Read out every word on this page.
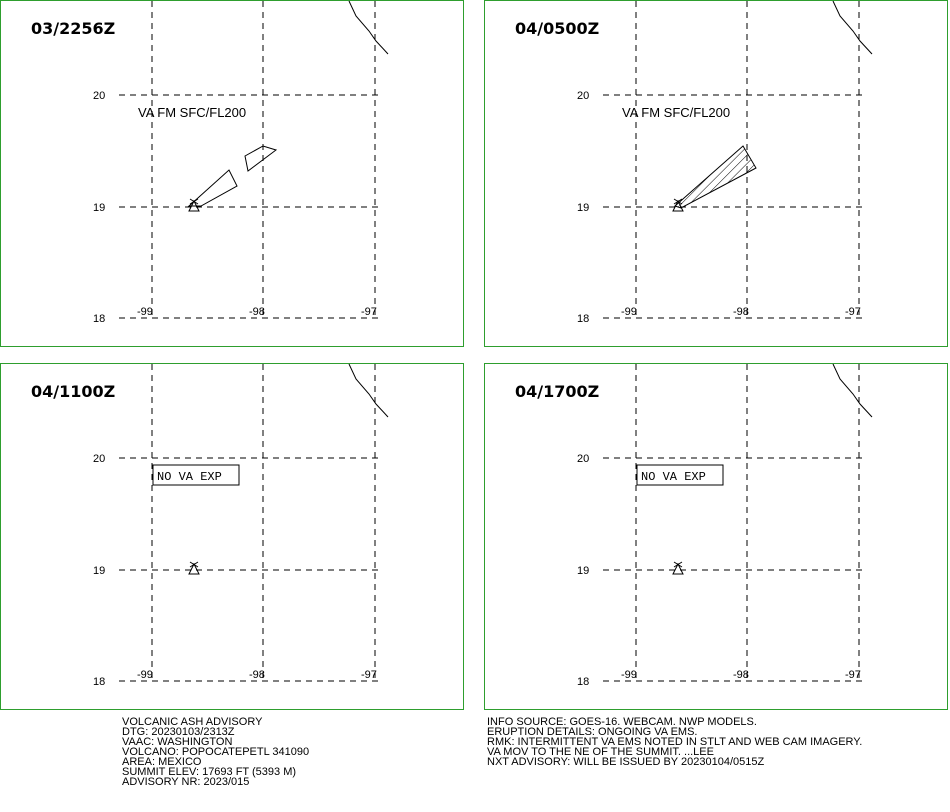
20
19
18
-99	-98	-97
VA FM SFC/FL200
03/2256Z
20
19
18
-99	-98	-97
VA FM SFC/FL200
04/0500Z
20
19
18
-99	-98	-97
NO VA EXP
04/1100Z
20
19
18
-99	-98	-97
NO VA EXP
04/1700Z
VOLCANIC ASH ADVISORY
DTG: 20230103/2313Z
VAAC: WASHINGTON
VOLCANO: POPOCATEPETL 341090
AREA: MEXICO
SUMMIT ELEV: 17693 FT (5393 M)
ADVISORY NR: 2023/015
INFO SOURCE: GOES-16. WEBCAM. NWP MODELS.
ERUPTION DETAILS: ONGOING VA EMS.
RMK: INTERMITTENT VA EMS NOTED IN STLT AND WEB CAM IMAGERY.
VA MOV TO THE NE OF THE SUMMIT. ...LEE
NXT ADVISORY: WILL BE ISSUED BY 20230104/0515Z
